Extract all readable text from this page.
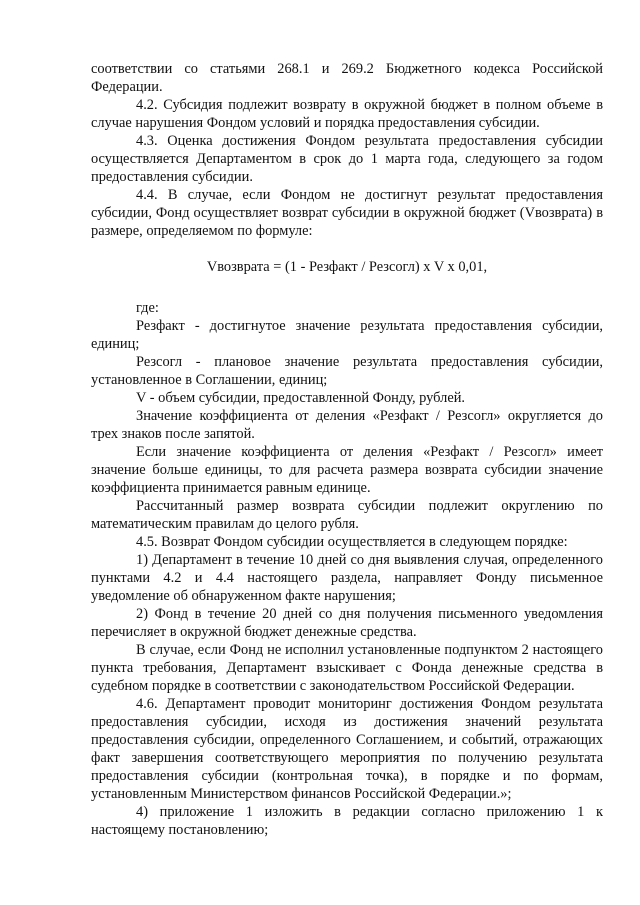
соответствии со статьями 268.1 и 269.2 Бюджетного кодекса Российской Федерации.

4.2. Субсидия подлежит возврату в окружной бюджет в полном объеме в случае нарушения Фондом условий и порядка предоставления субсидии.

4.3. Оценка достижения Фондом результата предоставления субсидии осуществляется Департаментом в срок до 1 марта года, следующего за годом предоставления субсидии.

4.4. В случае, если Фондом не достигнут результат предоставления субсидии, Фонд осуществляет возврат субсидии в окружной бюджет (Vвозврата) в размере, определяемом по формуле:

Vвозврата = (1 - Резфакт / Резсогл) x V x 0,01,

где:

Резфакт - достигнутое значение результата предоставления субсидии, единиц;

Резсогл - плановое значение результата предоставления субсидии, установленное в Соглашении, единиц;

V - объем субсидии, предоставленной Фонду, рублей.

Значение коэффициента от деления «Резфакт / Резсогл» округляется до трех знаков после запятой.

Если значение коэффициента от деления «Резфакт / Резсогл» имеет значение больше единицы, то для расчета размера возврата субсидии значение коэффициента принимается равным единице.

Рассчитанный размер возврата субсидии подлежит округлению по математическим правилам до целого рубля.

4.5. Возврат Фондом субсидии осуществляется в следующем порядке:

1) Департамент в течение 10 дней со дня выявления случая, определенного пунктами 4.2 и 4.4 настоящего раздела, направляет Фонду письменное уведомление об обнаруженном факте нарушения;

2) Фонд в течение 20 дней со дня получения письменного уведомления перечисляет в окружной бюджет денежные средства.

В случае, если Фонд не исполнил установленные подпунктом 2 настоящего пункта требования, Департамент взыскивает с Фонда денежные средства в судебном порядке в соответствии с законодательством Российской Федерации.

4.6. Департамент проводит мониторинг достижения Фондом результата предоставления субсидии, исходя из достижения значений результата предоставления субсидии, определенного Соглашением, и событий, отражающих факт завершения соответствующего мероприятия по получению результата предоставления субсидии (контрольная точка), в порядке и по формам, установленным Министерством финансов Российской Федерации.»;

4) приложение 1 изложить в редакции согласно приложению 1 к настоящему постановлению;
